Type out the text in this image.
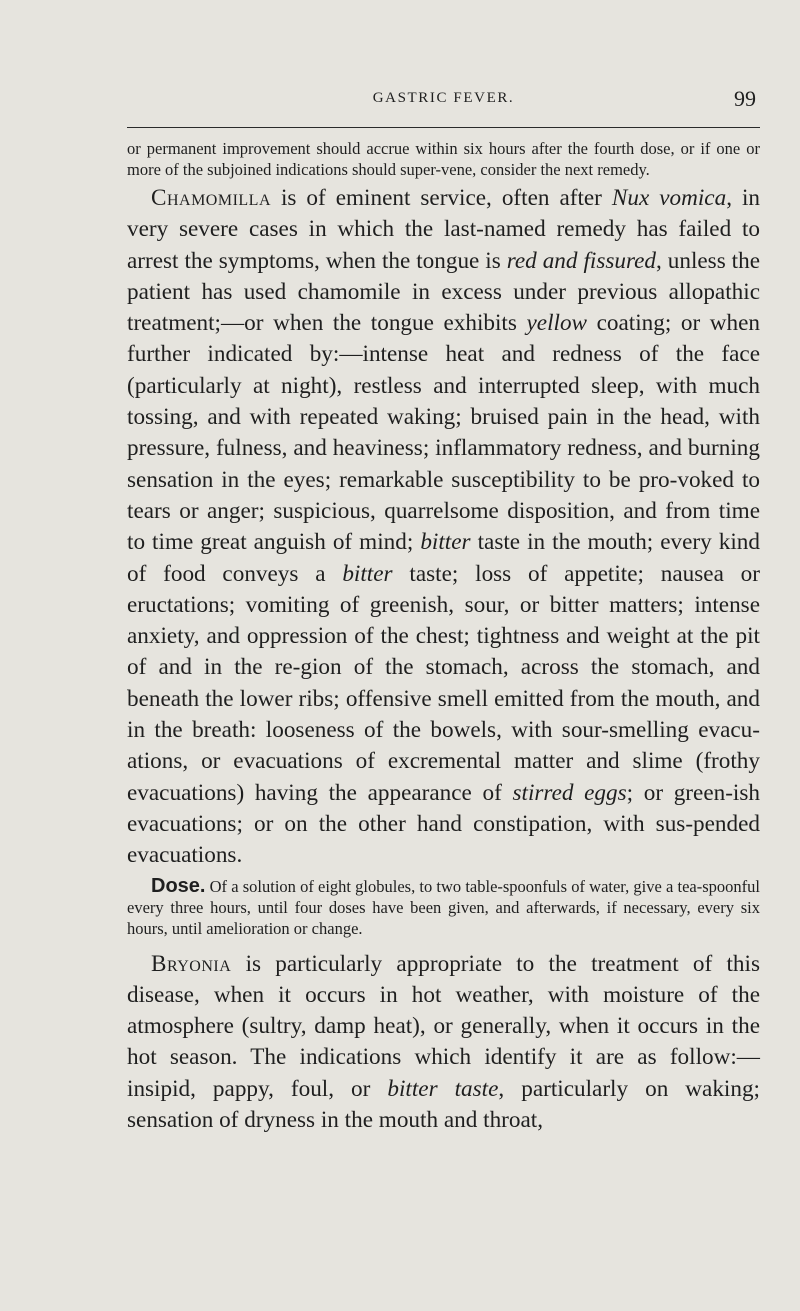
GASTRIC FEVER.	99

or permanent improvement should accrue within six hours after the fourth dose, or if one or more of the subjoined indications should super-vene, consider the next remedy.

Chamomilla is of eminent service, often after Nux vomica, in very severe cases in which the last-named remedy has failed to arrest the symptoms, when the tongue is red and fissured, unless the patient has used chamomile in excess under previous allopathic treatment;—or when the tongue exhibits yellow coating; or when further indicated by:—intense heat and redness of the face (particularly at night), restless and interrupted sleep, with much tossing, and with repeated waking; bruised pain in the head, with pressure, fulness, and heaviness; inflammatory redness, and burning sensation in the eyes; remarkable susceptibility to be pro-voked to tears or anger; suspicious, quarrelsome disposition, and from time to time great anguish of mind; bitter taste in the mouth; every kind of food conveys a bitter taste; loss of appetite; nausea or eructations; vomiting of greenish, sour, or bitter matters; intense anxiety, and oppression of the chest; tightness and weight at the pit of and in the re-gion of the stomach, across the stomach, and beneath the lower ribs; offensive smell emitted from the mouth, and in the breath: looseness of the bowels, with sour-smelling evacu-ations, or evacuations of excremental matter and slime (frothy evacuations) having the appearance of stirred eggs; or green-ish evacuations; or on the other hand constipation, with sus-pended evacuations.

Dose. Of a solution of eight globules, to two table-spoonfuls of water, give a tea-spoonful every three hours, until four doses have been given, and afterwards, if necessary, every six hours, until amelioration or change.

Bryonia is particularly appropriate to the treatment of this disease, when it occurs in hot weather, with moisture of the atmosphere (sultry, damp heat), or generally, when it occurs in the hot season. The indications which identify it are as follow:—insipid, pappy, foul, or bitter taste, particularly on waking; sensation of dryness in the mouth and throat,
